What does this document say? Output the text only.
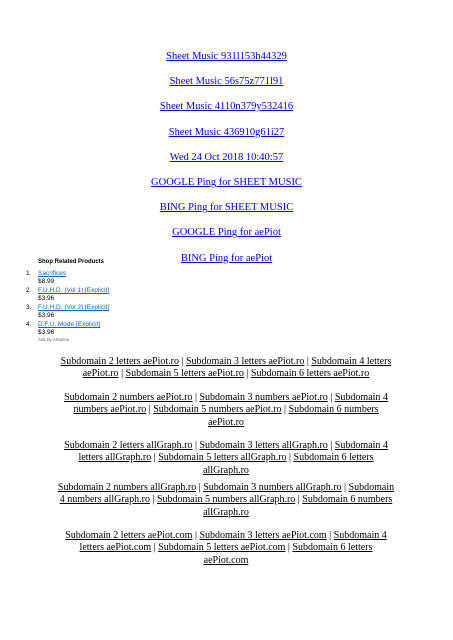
Sheet Music 931l153h44329
Sheet Music 56s75z771l91
Sheet Music 4110n379y532416
Sheet Music 436910g61i27
Wed 24 Oct 2018 10:40:57
GOOGLE Ping for SHEET MUSIC
BING Ping for SHEET MUSIC
GOOGLE Ping for aePiot
BING Ping for aePiot
Shop Related Products
1. Sacrifices
$8.99
2. F.U.H.D. (Vol 1) [Explicit]
$3.96
3. F.U.H.D. (Vol 2) [Explicit]
$3.96
4. D.F.U. Mode [Explicit]
$3.96
Ads by Amazon
Subdomain 2 letters aePiot.ro | Subdomain 3 letters aePiot.ro | Subdomain 4 letters aePiot.ro | Subdomain 5 letters aePiot.ro | Subdomain 6 letters aePiot.ro
Subdomain 2 numbers aePiot.ro | Subdomain 3 numbers aePiot.ro | Subdomain 4 numbers aePiot.ro | Subdomain 5 numbers aePiot.ro | Subdomain 6 numbers aePiot.ro
Subdomain 2 letters allGraph.ro | Subdomain 3 letters allGraph.ro | Subdomain 4 letters allGraph.ro | Subdomain 5 letters allGraph.ro | Subdomain 6 letters allGraph.ro
Subdomain 2 numbers allGraph.ro | Subdomain 3 numbers allGraph.ro | Subdomain 4 numbers allGraph.ro | Subdomain 5 numbers allGraph.ro | Subdomain 6 numbers allGraph.ro
Subdomain 2 letters aePiot.com | Subdomain 3 letters aePiot.com | Subdomain 4 letters aePiot.com | Subdomain 5 letters aePiot.com | Subdomain 6 letters aePiot.com
